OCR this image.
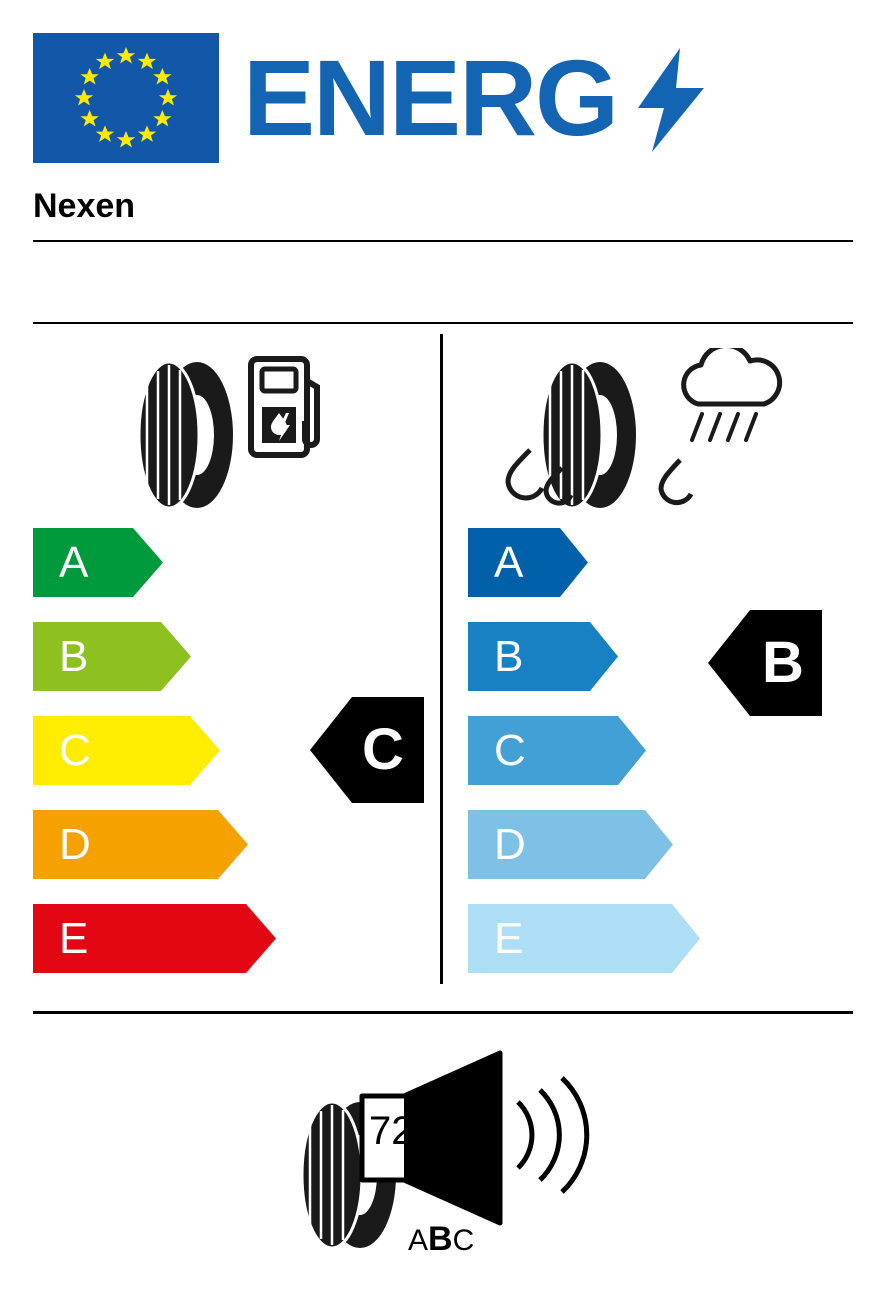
ENERG
Nexen
A
B
C
D
E
C
A
B
C
D
E
B
72dB
ABC
